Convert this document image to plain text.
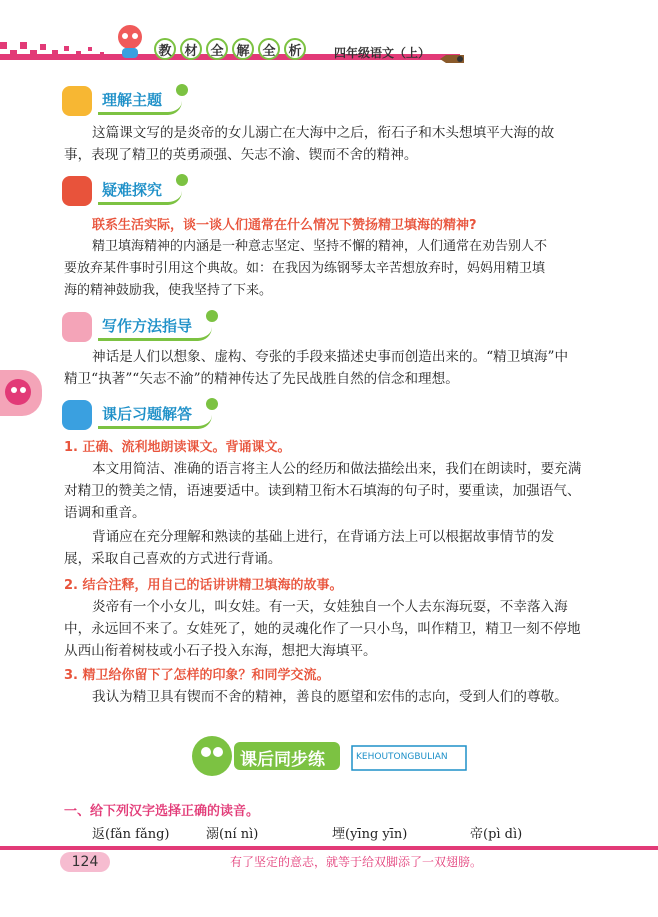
教 材 全 解 全 析	四年级语文（上）
理解主题

这篇课文写的是炎帝的女儿溺亡在大海中之后，衔石子和木头想填平大海的故

事，表现了精卫的英勇顽强、矢志不渝、锲而不舍的精神。

疑难探究
联系生活实际，谈一谈人们通常在什么情况下赞扬精卫填海的精神?

精卫填海精神的内涵是一种意志坚定、坚持不懈的精神，人们通常在劝告别人不

要放弃某件事时引用这个典故。如：在我因为练钢琴太辛苦想放弃时，妈妈用精卫填

海的精神鼓励我，使我坚持了下来。

写作方法指导

神话是人们以想象、虚构、夸张的手段来描述史事而创造出来的。“精卫填海”中

精卫“执著”“矢志不渝”的精神传达了先民战胜自然的信念和理想。

课后习题解答
1. 正确、流利地朗读课文。背诵课文。

本文用简洁、准确的语言将主人公的经历和做法描绘出来，我们在朗读时，要充满

对精卫的赞美之情，语速要适中。读到精卫衔木石填海的句子时，要重读，加强语气、

语调和重音。

背诵应在充分理解和熟读的基础上进行，在背诵方法上可以根据故事情节的发

展，采取自己喜欢的方式进行背诵。

2. 结合注释，用自己的话讲讲精卫填海的故事。

炎帝有一个小女儿，叫女娃。有一天，女娃独自一个人去东海玩耍，不幸落入海

中，永远回不来了。女娃死了，她的灵魂化作了一只小鸟，叫作精卫，精卫一刻不停地

从西山衔着树枝或小石子投入东海，想把大海填平。

3. 精卫给你留下了怎样的印象？和同学交流。

我认为精卫具有锲而不舍的精神，善良的愿望和宏伟的志向，受到人们的尊敬。

课后同步练	KEHOUTONGBULIAN
一、给下列汉字选择正确的读音。
返(fǎn fǎng)	溺(ní nì)	堙(yīng yīn)	帝(pì dì)
124	有了坚定的意志，就等于给双脚添了一双翅膀。
